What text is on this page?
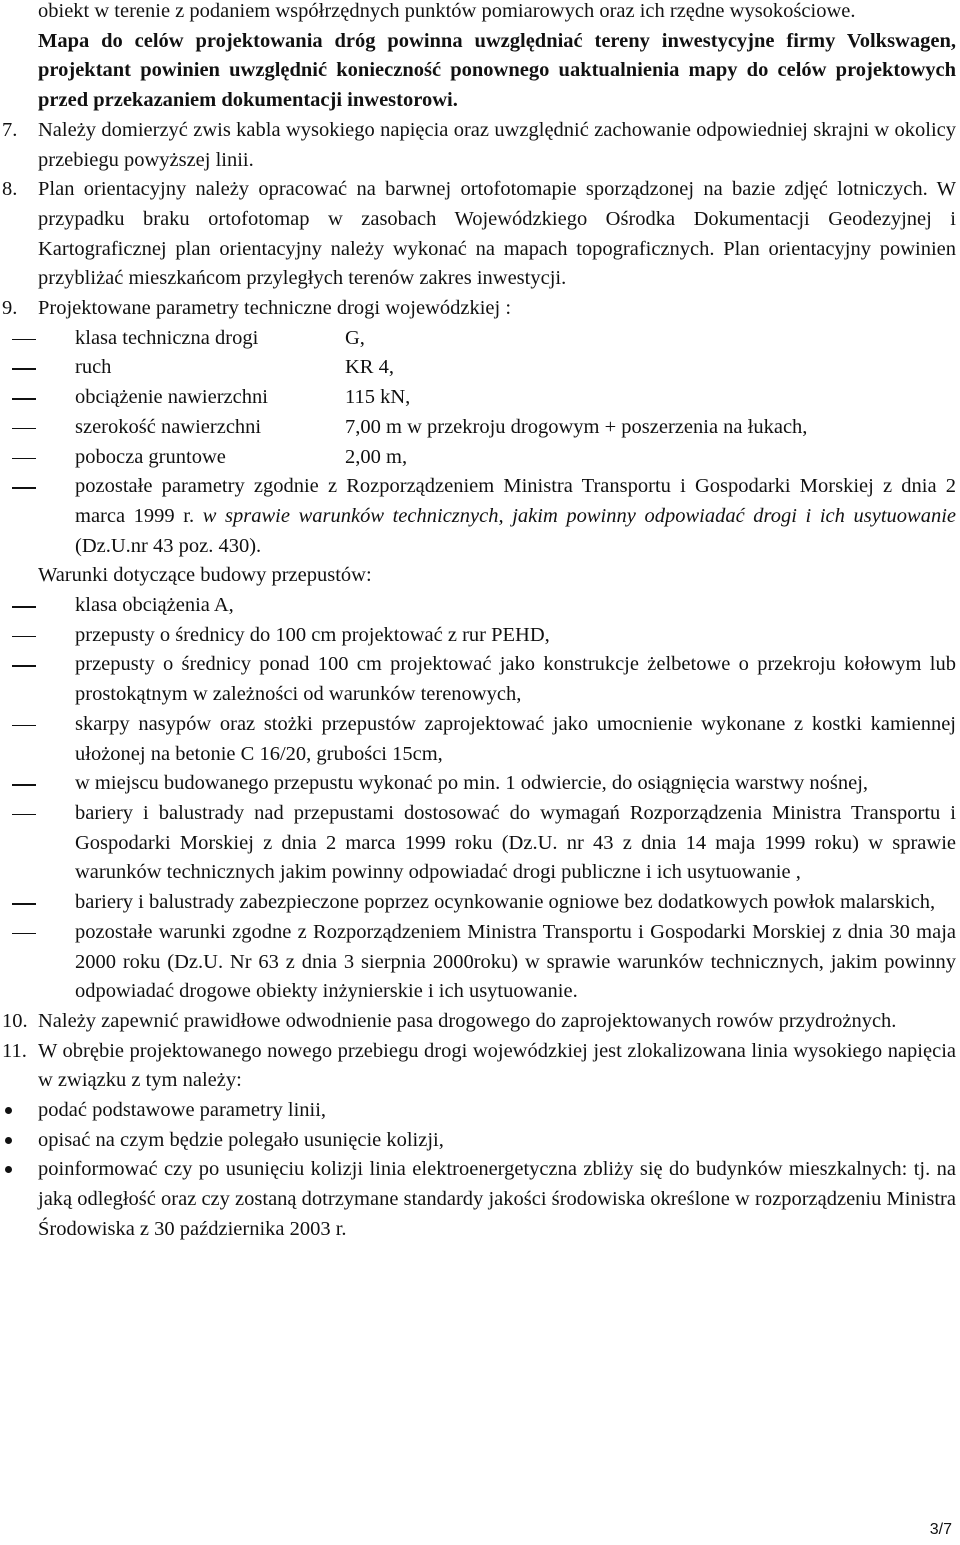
obiekt w terenie z podaniem współrzędnych punktów pomiarowych oraz ich rzędne wysokościowe.

Mapa do celów projektowania dróg powinna uwzględniać tereny inwestycyjne firmy Volkswagen, projektant powinien uwzględnić konieczność ponownego uaktualnienia mapy do celów projektowych przed przekazaniem dokumentacji inwestorowi.

7. Należy domierzyć zwis kabla wysokiego napięcia oraz uwzględnić zachowanie odpowiedniej skrajni w okolicy przebiegu powyższej linii.

8. Plan orientacyjny należy opracować na barwnej ortofotomapie sporządzonej na bazie zdjęć lotniczych. W przypadku braku ortofotomap w zasobach Wojewódzkiego Ośrodka Dokumentacji Geodezyjnej i Kartograficznej plan orientacyjny należy wykonać na mapach topograficznych. Plan orientacyjny powinien przybliżać mieszkańcom przyległych terenów zakres inwestycji.

9. Projektowane parametry techniczne drogi wojewódzkiej :

klasa techniczna drogi	G,
ruch	KR 4,
obciążenie nawierzchni	115 kN,
szerokość nawierzchni	7,00 m w przekroju drogowym + poszerzenia na łukach,
pobocza gruntowe	2,00 m,
pozostałe parametry zgodnie z Rozporządzeniem Ministra Transportu i Gospodarki Morskiej z dnia 2 marca 1999 r. w sprawie warunków technicznych, jakim powinny odpowiadać drogi i ich usytuowanie (Dz.U.nr 43 poz. 430).

Warunki dotyczące budowy przepustów:

klasa obciążenia A,
przepusty o średnicy do 100 cm projektować z rur PEHD,
przepusty o średnicy ponad 100 cm projektować jako konstrukcje żelbetowe o przekroju kołowym lub prostokątnym w zależności od warunków terenowych,
skarpy nasypów oraz stożki przepustów zaprojektować jako umocnienie wykonane z kostki kamiennej ułożonej na betonie C 16/20, grubości 15cm,
w miejscu budowanego przepustu wykonać po min. 1 odwiercie, do osiągnięcia warstwy nośnej,
bariery i balustrady nad przepustami dostosować do wymagań Rozporządzenia Ministra Transportu i Gospodarki Morskiej z dnia 2 marca 1999 roku (Dz.U. nr 43 z dnia 14 maja 1999 roku) w sprawie warunków technicznych jakim powinny odpowiadać drogi publiczne i ich usytuowanie ,
bariery i balustrady zabezpieczone poprzez ocynkowanie ogniowe bez dodatkowych powłok malarskich,
pozostałe warunki zgodne z Rozporządzeniem Ministra Transportu i Gospodarki Morskiej z dnia 30 maja 2000 roku (Dz.U. Nr 63 z dnia 3 sierpnia 2000roku) w sprawie warunków technicznych, jakim powinny odpowiadać drogowe obiekty inżynierskie i ich usytuowanie.
10. Należy zapewnić prawidłowe odwodnienie pasa drogowego do zaprojektowanych rowów przydrożnych.

11. W obrębie projektowanego nowego przebiegu drogi wojewódzkiej jest zlokalizowana linia wysokiego napięcia w związku z tym należy:

podać podstawowe parametry linii,

opisać na czym będzie polegało usunięcie kolizji,

poinformować czy po usunięciu kolizji linia elektroenergetyczna zbliży się do budynków mieszkalnych: tj. na jaką odległość oraz czy zostaną dotrzymane standardy jakości środowiska określone w rozporządzeniu Ministra Środowiska z 30 października 2003 r.

3/7
